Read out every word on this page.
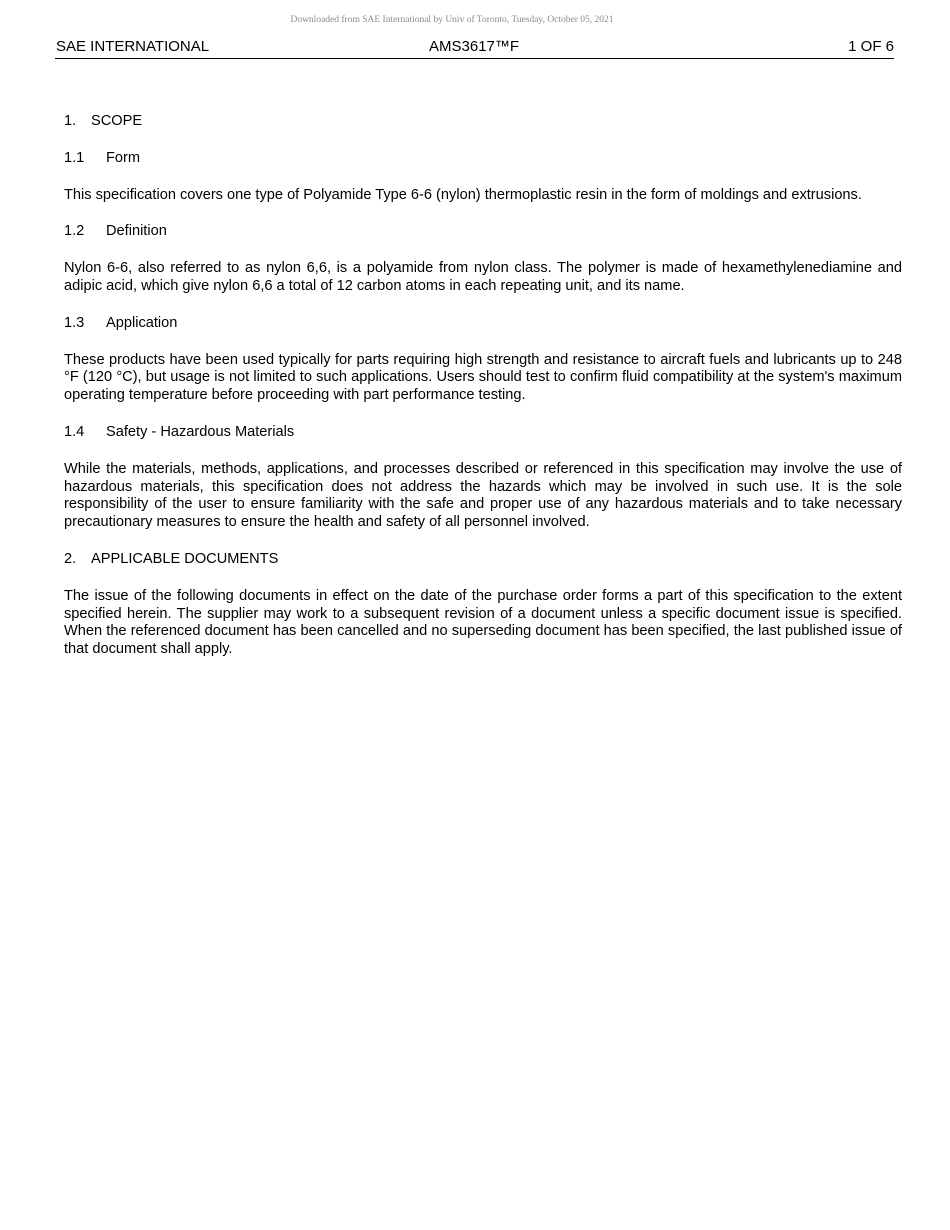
Downloaded from SAE International by Univ of Toronto, Tuesday, October 05, 2021
SAE INTERNATIONAL	AMS3617™F	1 OF 6
1. SCOPE
1.1 Form

This specification covers one type of Polyamide Type 6-6 (nylon) thermoplastic resin in the form of moldings and extrusions.

1.2 Definition

Nylon 6-6, also referred to as nylon 6,6, is a polyamide from nylon class. The polymer is made of hexamethylenediamine and adipic acid, which give nylon 6,6 a total of 12 carbon atoms in each repeating unit, and its name.

1.3 Application

These products have been used typically for parts requiring high strength and resistance to aircraft fuels and lubricants up to 248 °F (120 °C), but usage is not limited to such applications. Users should test to confirm fluid compatibility at the system's maximum operating temperature before proceeding with part performance testing.

1.4 Safety - Hazardous Materials

While the materials, methods, applications, and processes described or referenced in this specification may involve the use of hazardous materials, this specification does not address the hazards which may be involved in such use. It is the sole responsibility of the user to ensure familiarity with the safe and proper use of any hazardous materials and to take necessary precautionary measures to ensure the health and safety of all personnel involved.

2. APPLICABLE DOCUMENTS

The issue of the following documents in effect on the date of the purchase order forms a part of this specification to the extent specified herein. The supplier may work to a subsequent revision of a document unless a specific document issue is specified. When the referenced document has been cancelled and no superseding document has been specified, the last published issue of that document shall apply.
